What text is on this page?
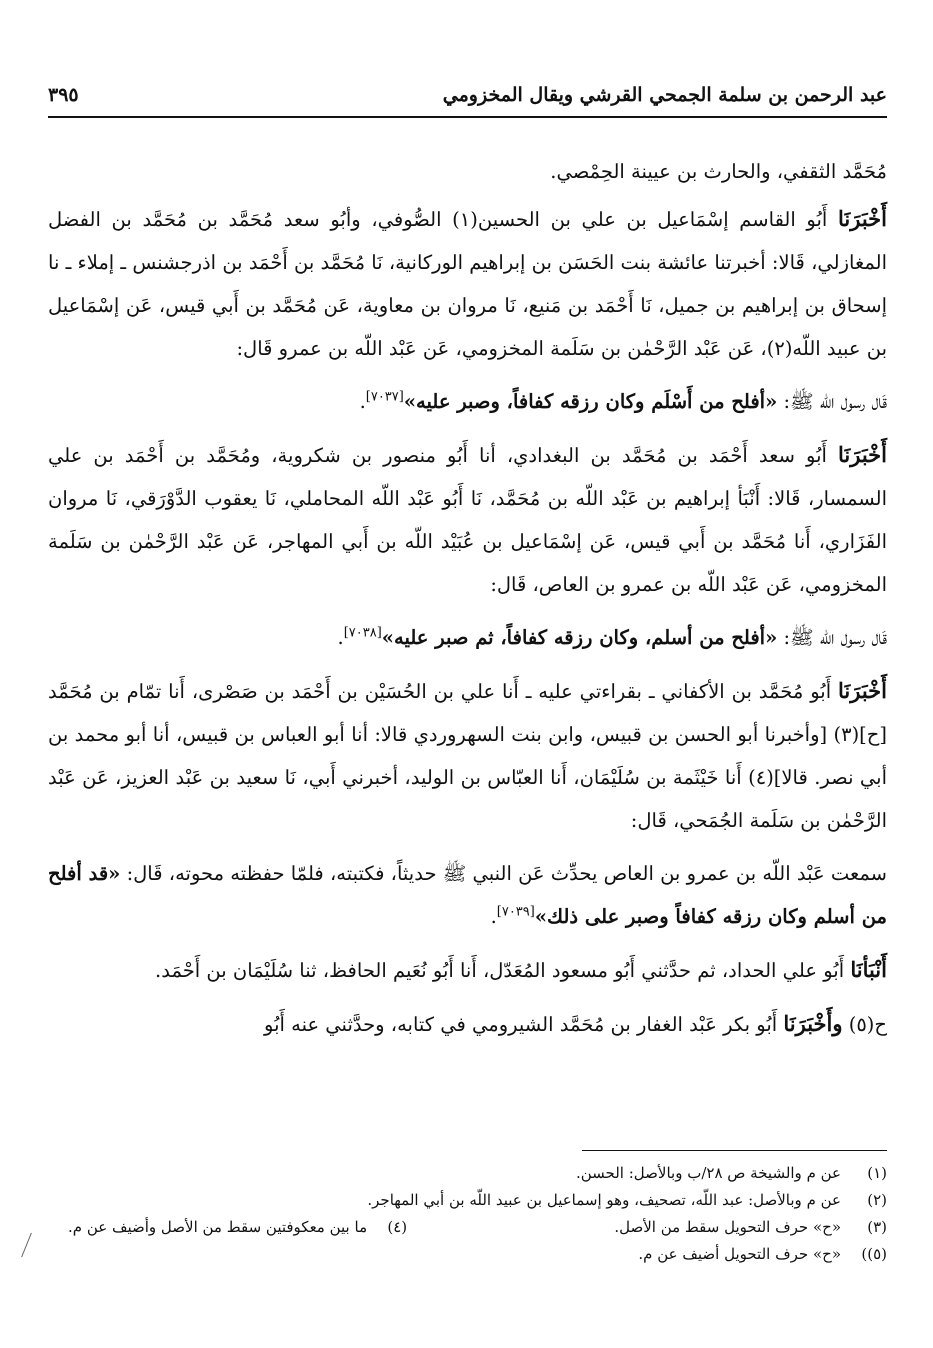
عبد الرحمن بن سلمة الجمحي القرشي ويقال المخزومي
٣٩٥

مُحَمَّد الثقفي، والحارث بن عيينة الحِمْصي.

أَخْبَرَنَا أَبُو القاسم إسْمَاعيل بن علي بن الحسين(١) الصُّوفي، وأبُو سعد مُحَمَّد بن مُحَمَّد بن الفضل المغازلي، قَالا: أخبرتنا عائشة بنت الحَسَن بن إبراهيم الوركانية، نَا مُحَمَّد بن أَحْمَد بن اذرجشنس ـ إملاء ـ نا إسحاق بن إبراهيم بن جميل، نَا أَحْمَد بن مَنيع، نَا مروان بن معاوية، عَن مُحَمَّد بن أَبي قيس، عَن إسْمَاعيل بن عبيد اللّه(٢)، عَن عَبْد الرَّحْمٰن بن سَلَمة المخزومي، عَن عَبْد اللّه بن عمرو قَال:

قَال رسول الله ﷺ: «أفلح من أَسْلَم وكان رزقه كفافاً، وصبر عليه»[٧٠٣٧].

أَخْبَرَنَا أَبُو سعد أَحْمَد بن مُحَمَّد بن البغدادي، أنا أَبُو منصور بن شكروية، ومُحَمَّد بن أَحْمَد بن علي السمسار، قَالا: أَنْبَأ إبراهيم بن عَبْد اللّه بن مُحَمَّد، نَا أَبُو عَبْد اللّه المحاملي، نَا يعقوب الدَّوْرَقي، نَا مروان الفَزَاري، أَنا مُحَمَّد بن أَبي قيس، عَن إسْمَاعيل بن عُبَيْد اللّه بن أَبي المهاجر، عَن عَبْد الرَّحْمٰن بن سَلَمة المخزومي، عَن عَبْد اللّه بن عمرو بن العاص، قَال:

قَال رسول الله ﷺ: «أفلح من أسلم، وكان رزقه كفافاً، ثم صبر عليه»[٧٠٣٨].

أَخْبَرَنَا أَبُو مُحَمَّد بن الأكفاني ـ بقراءتي عليه ـ أَنا علي بن الحُسَيْن بن أَحْمَد بن صَصْرى، أَنا تمّام بن مُحَمَّد [ح](٣) [وأخبرنا أبو الحسن بن قبيس، وابن بنت السهروردي قالا: أنا أبو العباس بن قبيس، أنا أبو محمد بن أبي نصر. قالا](٤) أَنا خَيْثَمة بن سُلَيْمَان، أَنا العبّاس بن الوليد، أخبرني أَبي، نَا سعيد بن عَبْد العزيز، عَن عَبْد الرَّحْمٰن بن سَلَمة الجُمَحي، قَال:

سمعت عَبْد اللّه بن عمرو بن العاص يحدِّث عَن النبي ﷺ حديثاً، فكتبته، فلمّا حفظته محوته، قَال: «قد أفلح من أسلم وكان رزقه كفافاً وصبر على ذلك»[٧٠٣٩].

أَنْبَأنَا أَبُو علي الحداد، ثم حدَّثني أَبُو مسعود المُعَدّل، أَنا أَبُو نُعَيم الحافظ، ثنا سُلَيْمَان بن أَحْمَد.

ح(٥) وأَخْبَرَنَا أَبُو بكر عَبْد الغفار بن مُحَمَّد الشيرومي في كتابه، وحدَّثني عنه أَبُو

(١)عن م والشيخة ص ٢٨/ب وبالأصل: الحسن.
(٢)عن م وبالأصل: عبد اللّه، تصحيف، وهو إسماعيل بن عبيد اللّه بن أبي المهاجر.
(٣)«ح» حرف التحويل سقط من الأصل.
(٤)ما بين معكوفتين سقط من الأصل وأضيف عن م.
(٥))«ح» حرف التحويل أضيف عن م.
